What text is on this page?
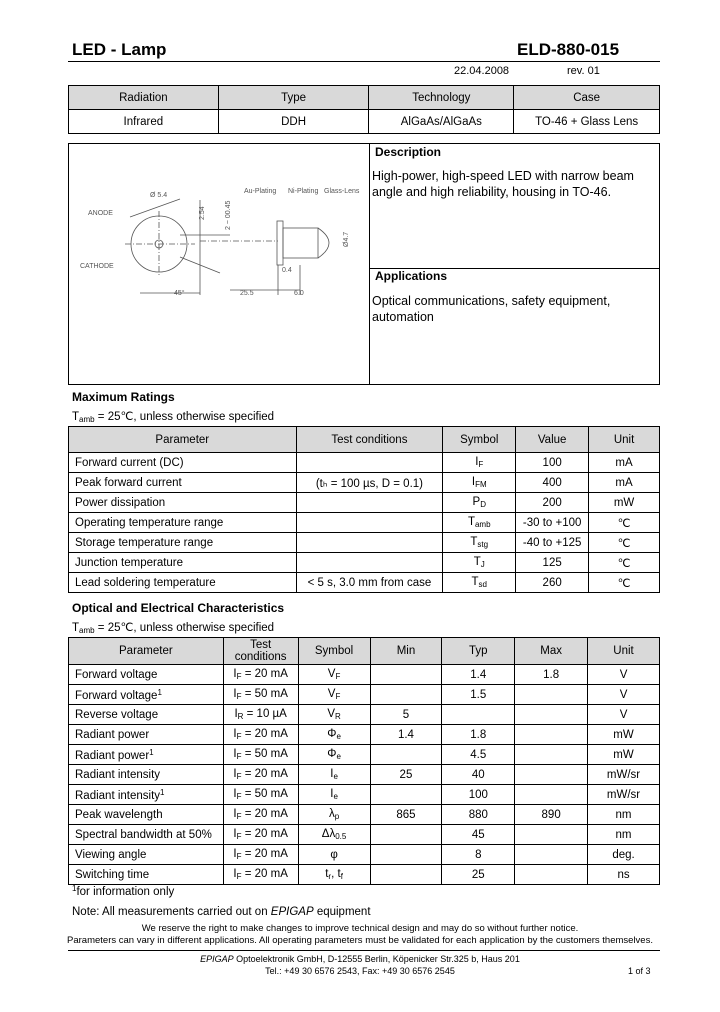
LED - Lamp	ELD-880-015
22.04.2008	rev. 01
Radiation	Type	Technology	Case
Infrared	DDH	AlGaAs/AlGaAs	TO-46 + Glass Lens
ANODE
CATHODE
Au-Plating Ni-Plating Glass-Lens
Ø 5.4
2.54	2 ~ 00.45
0.4
25.5	6.0
Ø4.7
45°
Description
High-power, high-speed LED with narrow beam angle and high reliability, housing in TO-46.
Applications
Optical communications, safety equipment, automation
Maximum Ratings
$T_{amb}$ = 25℃, unless otherwise specified
Parameter	Test conditions	Symbol	Value	Unit
Forward current (DC)		$I_F$	100	mA
Peak forward current	(tₕ = 100 µs, D = 0.1)	$I_{FM}$	400	mA
Power dissipation		$P_D$	200	mW
Operating temperature range		$T_{amb}$	-30 to +100	℃
Storage temperature range		$T_{stg}$	-40 to +125	℃
Junction temperature		$T_J$	125	℃
Lead soldering temperature	< 5 s, 3.0 mm from case	$T_{sd}$	260	℃
Optical and Electrical Characteristics
$T_{amb}$ = 25℃, unless otherwise specified
Parameter	Test conditions	Symbol	Min	Typ	Max	Unit
Forward voltage	$I_F = 20$ mA	$V_F$		1.4	1.8	V
Forward voltage$^1$	$I_F = 50$ mA	$V_F$		1.5		V
Reverse voltage	$I_R = 10$ µA	$V_R$	5			V
Radiant power	$I_F = 20$ mA	$\Phi_e$	1.4	1.8		mW
Radiant power$^1$	$I_F = 50$ mA	$\Phi_e$		4.5		mW
Radiant intensity	$I_F = 20$ mA	$I_e$	25	40		mW/sr
Radiant intensity$^1$	$I_F = 50$ mA	$I_e$		100		mW/sr
Peak wavelength	$I_F = 20$ mA	$\lambda_p$	865	880	890	nm
Spectral bandwidth at 50%	$I_F = 20$ mA	$\Delta\lambda_{0.5}$		45		nm
Viewing angle	$I_F = 20$ mA	φ		8		deg.
Switching time	$I_F = 20$ mA	$t_r$, $t_f$		25		ns
$^1$for information only
Note: All measurements carried out on EPIGAP equipment
We reserve the right to make changes to improve technical design and may do so without further notice.
Parameters can vary in different applications. All operating parameters must be validated for each application by the customers themselves.
EPIGAP Optoelektronik GmbH, D-12555 Berlin, Köpenicker Str.325 b, Haus 201
Tel.: +49 30 6576 2543, Fax: +49 30 6576 2545	1 of 3
